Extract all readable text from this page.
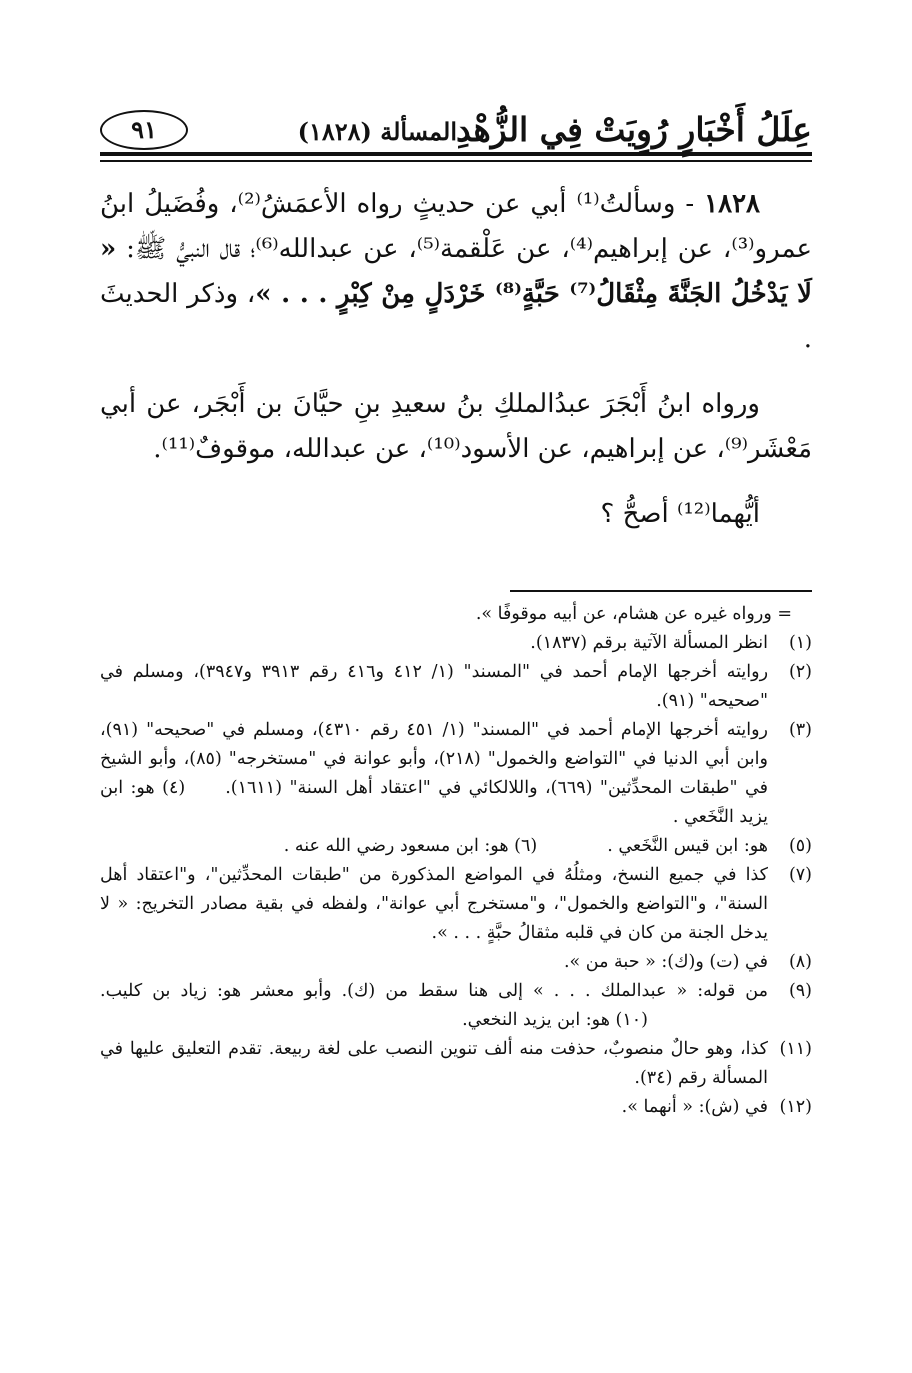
عِلَلُ أَخْبَارٍ رُوِيَتْ فِي الزُّهْدِ
المسألة (١٨٢٨)
٩١

١٨٢٨ - وسألتُ⁽¹⁾ أبي عن حديثٍ رواه الأعمَشُ⁽²⁾، وفُضَيلُ ابنُ عمرو⁽³⁾، عن إبراهيم⁽⁴⁾، عن عَلْقمة⁽⁵⁾، عن عبدالله⁽⁶⁾؛ قال النبيُّ ﷺ: « لَا يَدْخُلُ الجَنَّةَ مِثْقَالُ⁽⁷⁾ حَبَّةٍ⁽⁸⁾ خَرْدَلٍ مِنْ كِبْرٍ . . . »، وذكر الحديثَ .

ورواه ابنُ أَبْجَرَ عبدُالملكِ بنُ سعيدِ بنِ حيَّانَ بن أَبْجَر، عن أبي مَعْشَر⁽⁹⁾، عن إبراهيم، عن الأسود⁽¹⁰⁾، عن عبدالله، موقوفٌ⁽¹¹⁾.

أيُّهما⁽¹²⁾ أصحُّ ؟

= ورواه غيره عن هشام، عن أبيه موقوفًا ».
(١)
انظر المسألة الآتية برقم (١٨٣٧).
(٢)
روايته أخرجها الإمام أحمد في "المسند" (١/ ٤١٢ و٤١٦ رقم ٣٩١٣ و٣٩٤٧)، ومسلم في "صحيحه" (٩١).
(٣)
روايته أخرجها الإمام أحمد في "المسند" (١/ ٤٥١ رقم ٤٣١٠)، ومسلم في "صحيحه" (٩١)، وابن أبي الدنيا في "التواضع والخمول" (٢١٨)، وأبو عوانة في "مستخرجه" (٨٥)، وأبو الشيخ في "طبقات المحدِّثين" (٦٦٩)، واللالكائي في "اعتقاد أهل السنة" (١٦١١).(٤) هو: ابن يزيد النَّخَعي .
(٥)
هو: ابن قيس النَّخَعي .(٦) هو: ابن مسعود رضي الله عنه .
(٧)
كذا في جميع النسخ، ومثلُهُ في المواضع المذكورة من "طبقات المحدِّثين"، و"اعتقاد أهل السنة"، و"التواضع والخمول"، و"مستخرج أبي عوانة"، ولفظه في بقية مصادر التخريج: « لا يدخل الجنة من كان في قلبه مثقالُ حبَّةٍ . . . ».
(٨)
في (ت) و(ك): « حبة من ».
(٩)
من قوله: « عبدالملك . . . » إلى هنا سقط من (ك). وأبو معشر هو: زياد بن كليب.(١٠) هو: ابن يزيد النخعي.
(١١)
كذا، وهو حالٌ منصوبٌ، حذفت منه ألف تنوين النصب على لغة ربيعة. تقدم التعليق عليها في المسألة رقم (٣٤).
(١٢)
في (ش): « أنهما ».
